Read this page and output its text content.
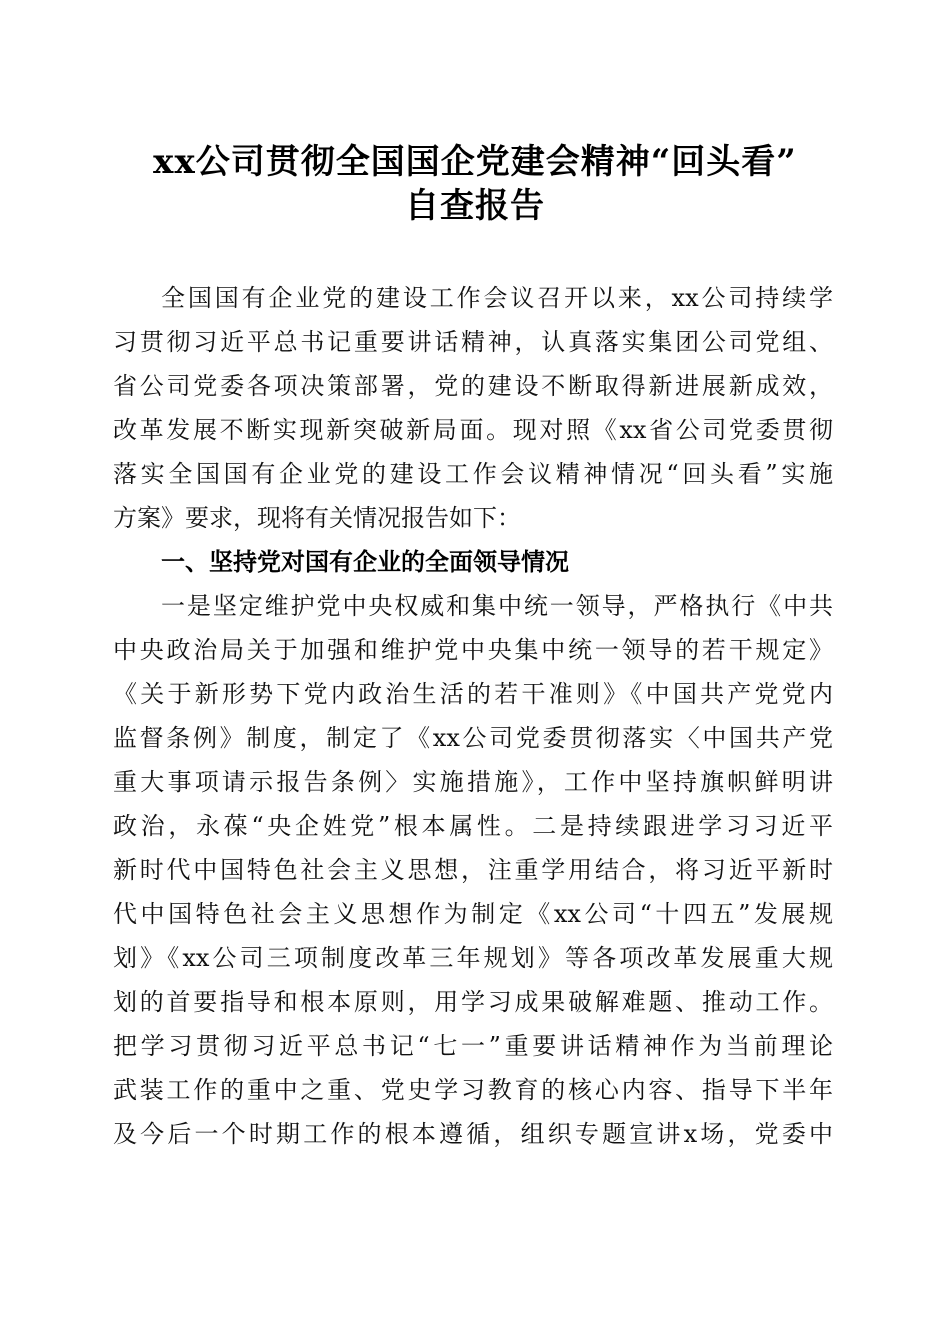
xx公司贯彻全国国企党建会精神“回头看”
自查报告
全国国有企业党的建设工作会议召开以来，xx公司持续学
习贯彻习近平总书记重要讲话精神，认真落实集团公司党组、
省公司党委各项决策部署，党的建设不断取得新进展新成效，
改革发展不断实现新突破新局面。现对照《xx省公司党委贯彻
落实全国国有企业党的建设工作会议精神情况“回头看”实施
方案》要求，现将有关情况报告如下：
一、坚持党对国有企业的全面领导情况
一是坚定维护党中央权威和集中统一领导，严格执行《中共
中央政治局关于加强和维护党中央集中统一领导的若干规定》
《关于新形势下党内政治生活的若干准则》《中国共产党党内
监督条例》制度，制定了《xx公司党委贯彻落实〈中国共产党
重大事项请示报告条例〉实施措施》，工作中坚持旗帜鲜明讲
政治，永葆“央企姓党”根本属性。二是持续跟进学习习近平
新时代中国特色社会主义思想，注重学用结合，将习近平新时
代中国特色社会主义思想作为制定《xx公司“十四五”发展规
划》《xx公司三项制度改革三年规划》等各项改革发展重大规
划的首要指导和根本原则，用学习成果破解难题、推动工作。
把学习贯彻习近平总书记“七一”重要讲话精神作为当前理论
武装工作的重中之重、党史学习教育的核心内容、指导下半年
及今后一个时期工作的根本遵循，组织专题宣讲x场，党委中
